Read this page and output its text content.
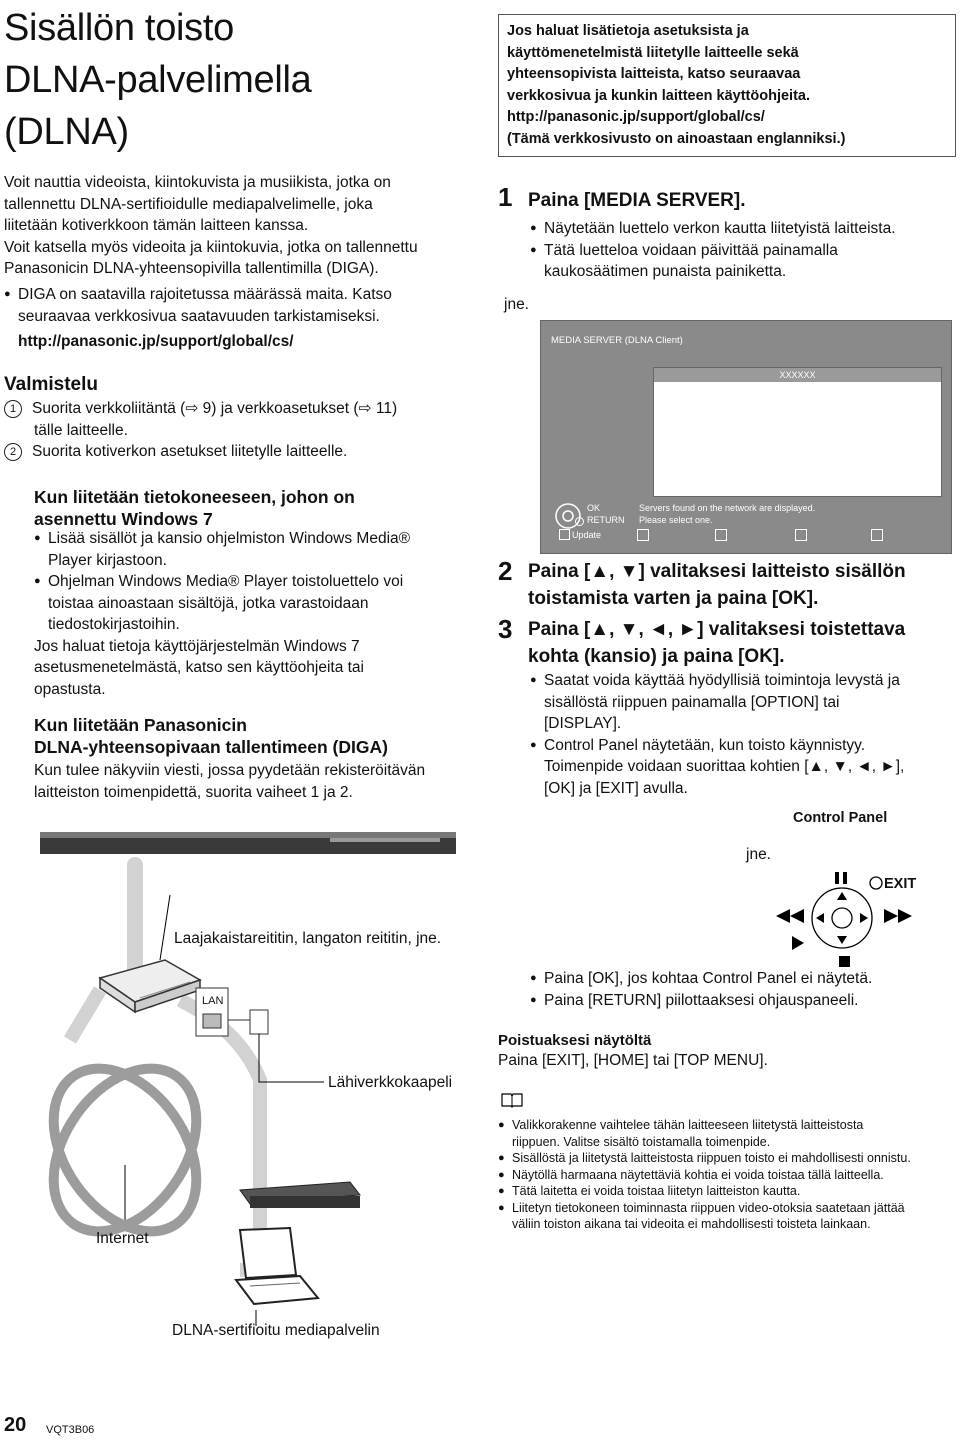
Sisällön toisto
DLNA-palvelimella
(DLNA)
Voit nauttia videoista, kiintokuvista ja musiikista, jotka on
tallennettu DLNA-sertifioidulle mediapalvelimelle, joka
liitetään kotiverkkoon tämän laitteen kanssa.
Voit katsella myös videoita ja kiintokuvia, jotka on tallennettu
Panasonicin DLNA-yhteensopivilla tallentimilla (DIGA).
● DIGA on saatavilla rajoitetussa määrässä maita. Katso
seuraavaa verkkosivua saatavuuden tarkistamiseksi.
http://panasonic.jp/support/global/cs/
Valmistelu
1 Suorita verkkoliitäntä (⇨ 9) ja verkkoasetukset (⇨ 11)
tälle laitteelle.
2 Suorita kotiverkon asetukset liitetylle laitteelle.
Kun liitetään tietokoneeseen, johon on
asennettu Windows 7
● Lisää sisällöt ja kansio ohjelmiston Windows Media®
Player kirjastoon.
● Ohjelman Windows Media® Player toistoluettelo voi
toistaa ainoastaan sisältöjä, jotka varastoidaan
tiedostokirjastoihin.
Jos haluat tietoja käyttöjärjestelmän Windows 7
asetusmenetelmästä, katso sen käyttöohjeita tai
opastusta.
Kun liitetään Panasonicin
DLNA-yhteensopivaan tallentimeen (DIGA)
Kun tulee näkyviin viesti, jossa pyydetään rekisteröitävän
laitteiston toimenpidettä, suorita vaiheet 1 ja 2.
Laajakaistareititin, langaton reititin, jne.
LAN
Lähiverkkokaapeli
Internet
DLNA-sertifioitu mediapalvelin
20 VQT3B06
Jos haluat lisätietoja asetuksista ja
käyttömenetelmistä liitetylle laitteelle sekä
yhteensopivista laitteista, katso seuraavaa
verkkosivua ja kunkin laitteen käyttöohjeita.
http://panasonic.jp/support/global/cs/
(Tämä verkkosivusto on ainoastaan englanniksi.)
1 Paina [MEDIA SERVER].
● Näytetään luettelo verkon kautta liitetyistä laitteista.
● Tätä luetteloa voidaan päivittää painamalla
kaukosäätimen punaista painiketta.
jne.
MEDIA SERVER (DLNA Client)
XXXXXX
OK
RETURN
Update
Servers found on the network are displayed.
Please select one.
2 Paina [▲, ▼] valitaksesi laitteisto sisällön
toistamista varten ja paina [OK].
3 Paina [▲, ▼, ◄, ►] valitaksesi toistettava
kohta (kansio) ja paina [OK].
● Saatat voida käyttää hyödyllisiä toimintoja levystä ja
sisällöstä riippuen painamalla [OPTION] tai
[DISPLAY].
● Control Panel näytetään, kun toisto käynnistyy.
Toimenpide voidaan suorittaa kohtien [▲, ▼, ◄, ►],
[OK] ja [EXIT] avulla.
Control Panel
jne.
EXIT
● Paina [OK], jos kohtaa Control Panel ei näytetä.
● Paina [RETURN] piilottaaksesi ohjauspaneeli.
Poistuaksesi näytöltä
Paina [EXIT], [HOME] tai [TOP MENU].
● Valikkorakenne vaihtelee tähän laitteeseen liitetystä laitteistosta
riippuen. Valitse sisältö toistamalla toimenpide.
● Sisällöstä ja liitetystä laitteistosta riippuen toisto ei mahdollisesti onnistu.
● Näytöllä harmaana näytettäviä kohtia ei voida toistaa tällä laitteella.
● Tätä laitetta ei voida toistaa liitetyn laitteiston kautta.
● Liitetyn tietokoneen toiminnasta riippuen video-otoksia saatetaan jättää
väliin toiston aikana tai videoita ei mahdollisesti toisteta lainkaan.
